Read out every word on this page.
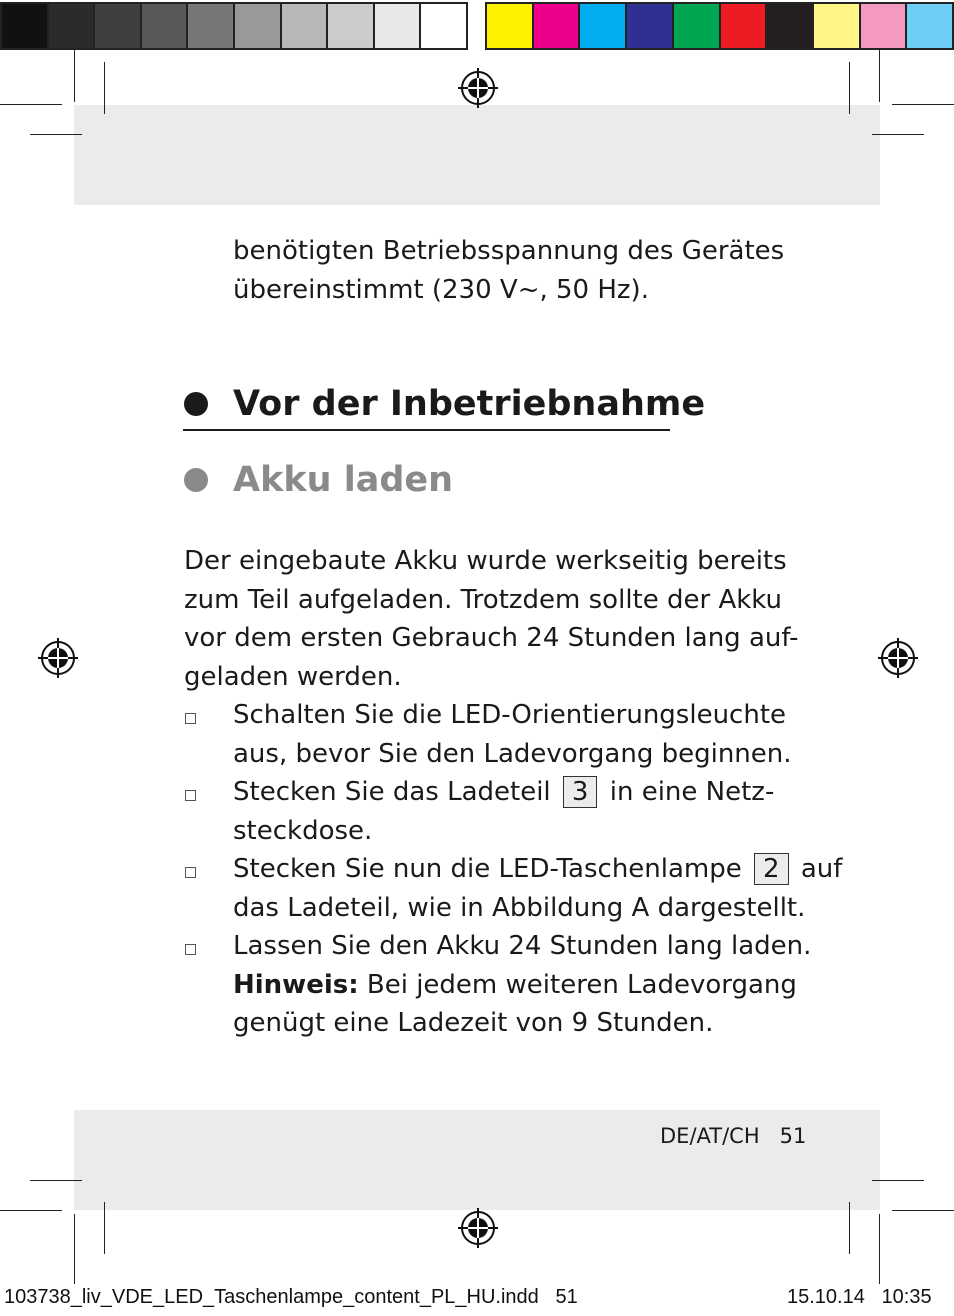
benötigten Betriebsspannung des Gerätes
übereinstimmt (230 V~, 50 Hz).
Vor der Inbetriebnahme
Akku laden
Der eingebaute Akku wurde werkseitig bereits
zum Teil aufgeladen. Trotzdem sollte der Akku
vor dem ersten Gebrauch 24 Stunden lang auf-
geladen werden.
Schalten Sie die LED-Orientierungsleuchte
aus, bevor Sie den Ladevorgang beginnen.
Stecken Sie das Ladeteil 3 in eine Netz-
steckdose.
Stecken Sie nun die LED-Taschenlampe 2 auf
das Ladeteil, wie in Abbildung A dargestellt.
Lassen Sie den Akku 24 Stunden lang laden.
Hinweis: Bei jedem weiteren Ladevorgang
genügt eine Ladezeit von 9 Stunden.
DE/AT/CH 51
103738_liv_VDE_LED_Taschenlampe_content_PL_HU.indd 51	15.10.14 10:35
